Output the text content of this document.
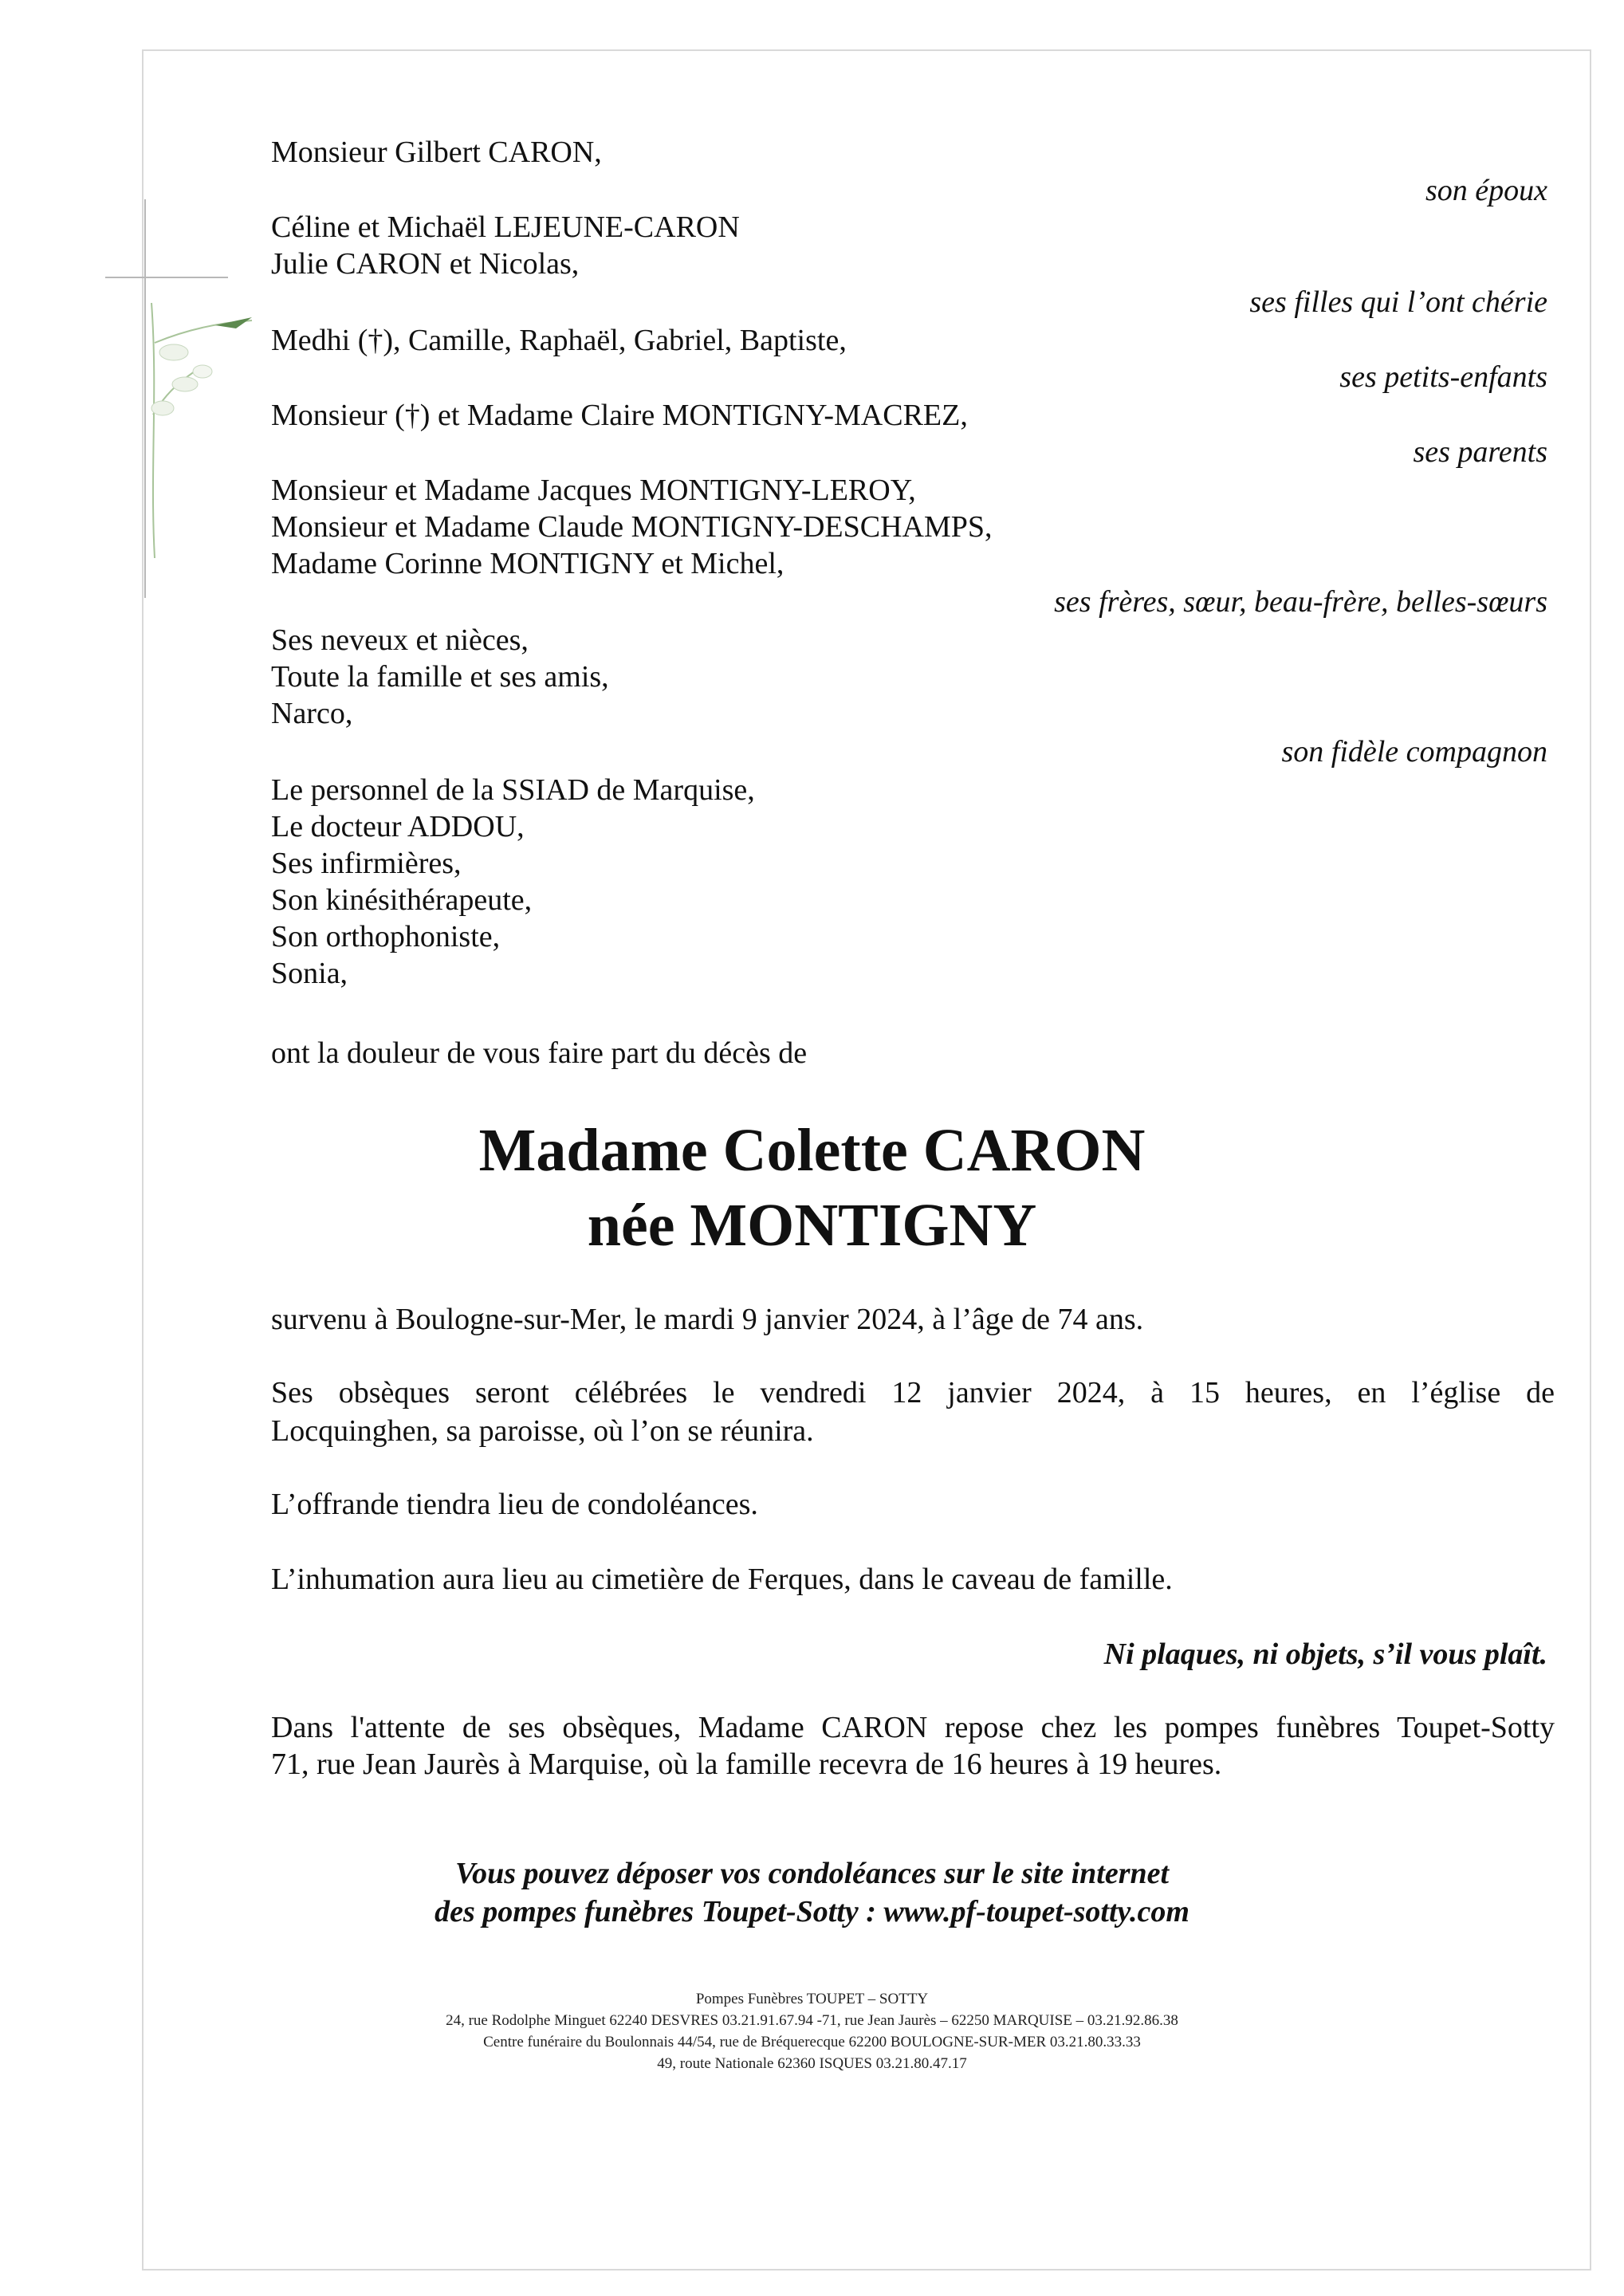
Monsieur Gilbert CARON,
son époux
Céline et Michaël LEJEUNE-CARON
Julie CARON et Nicolas,
ses filles qui l’ont chérie
Medhi (†), Camille, Raphaël, Gabriel, Baptiste,
ses petits-enfants
Monsieur (†) et Madame Claire MONTIGNY-MACREZ,
ses parents
Monsieur et Madame Jacques MONTIGNY-LEROY,
Monsieur et Madame Claude MONTIGNY-DESCHAMPS,
Madame Corinne MONTIGNY et Michel,
ses frères, sœur, beau-frère, belles-sœurs
Ses neveux et nièces,
Toute la famille et ses amis,
Narco,
son fidèle compagnon
Le personnel de la SSIAD de Marquise,
Le docteur ADDOU,
Ses infirmières,
Son kinésithérapeute,
Son orthophoniste,
Sonia,
ont la douleur de vous faire part du décès de
Madame Colette CARON
née MONTIGNY
survenu à Boulogne-sur-Mer, le mardi 9 janvier 2024, à l’âge de 74 ans.
Ses obsèques seront célébrées le vendredi 12 janvier 2024, à 15 heures, en l’église de
Locquinghen, sa paroisse, où l’on se réunira.
L’offrande tiendra lieu de condoléances.
L’inhumation aura lieu au cimetière de Ferques, dans le caveau de famille.
Ni plaques, ni objets, s’il vous plaît.
Dans l'attente de ses obsèques, Madame CARON repose chez les pompes funèbres Toupet-Sotty
71, rue Jean Jaurès à Marquise, où la famille recevra de 16 heures à 19 heures.
Vous pouvez déposer vos condoléances sur le site internet
des pompes funèbres Toupet-Sotty : www.pf-toupet-sotty.com
Pompes Funèbres TOUPET – SOTTY
24, rue Rodolphe Minguet 62240 DESVRES 03.21.91.67.94 -71, rue Jean Jaurès – 62250 MARQUISE – 03.21.92.86.38
Centre funéraire du Boulonnais 44/54, rue de Bréquerecque 62200 BOULOGNE-SUR-MER 03.21.80.33.33
49, route Nationale 62360 ISQUES 03.21.80.47.17
